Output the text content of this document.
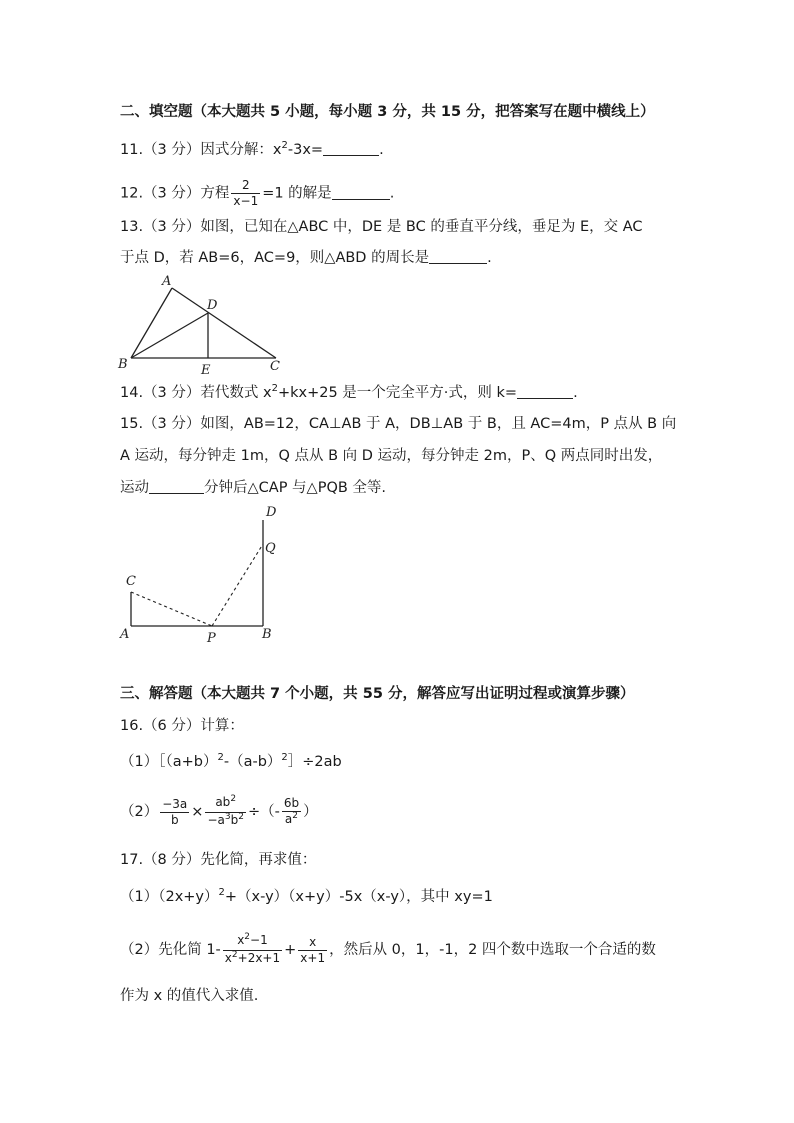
二、填空题（本大题共 5 小题，每小题 3 分，共 15 分，把答案写在题中横线上）
11.（3 分）因式分解：$x^2-3x=$	.
12.（3 分）方程 $\frac{2}{x-1} =1$ 的解是	.
13.（3 分）如图，已知在△ABC 中，DE 是 BC 的垂直平分线，垂足为 E，交 AC
于点 D，若 AB=6，AC=9，则△ABD 的周长是	.
A
D
B	E	C
14.（3 分）若代数式 $x^2+kx+25$ 是一个完全平方·式，则 k=	.
15.（3 分）如图，AB=12，CA⊥AB 于 A，DB⊥AB 于 B，且 AC=4m，P 点从 B 向
A 运动，每分钟走 1m，Q 点从 B 向 D 运动，每分钟走 2m，P、Q 两点同时出发，
运动	分钟后△CAP 与△PQB 全等.
D
Q
C
A	P	B
三、解答题（本大题共 7 个小题，共 55 分，解答应写出证明过程或演算步骤）
16.（6 分）计算：
$(1)[(a+b)^2-(a-b)^2]\div 2ab$
$(2) \frac{-3a}{b} \times \frac{ab^2}{-a^3b^2}$ ÷（- $\frac{6b}{a^2}$ ）
17.（8 分）先化简，再求值：
$(1)(2x+y)^2+(x-y)(x+y)-5x(x-y)$，其中 xy=1
（2）先化简 $1- \frac{x^2-1}{x^2+2x+1} + \frac{x}{x+1}$ ，然后从 0，1，-1，2 四个数中选取一个合适的数
作为 x 的值代入求值.
